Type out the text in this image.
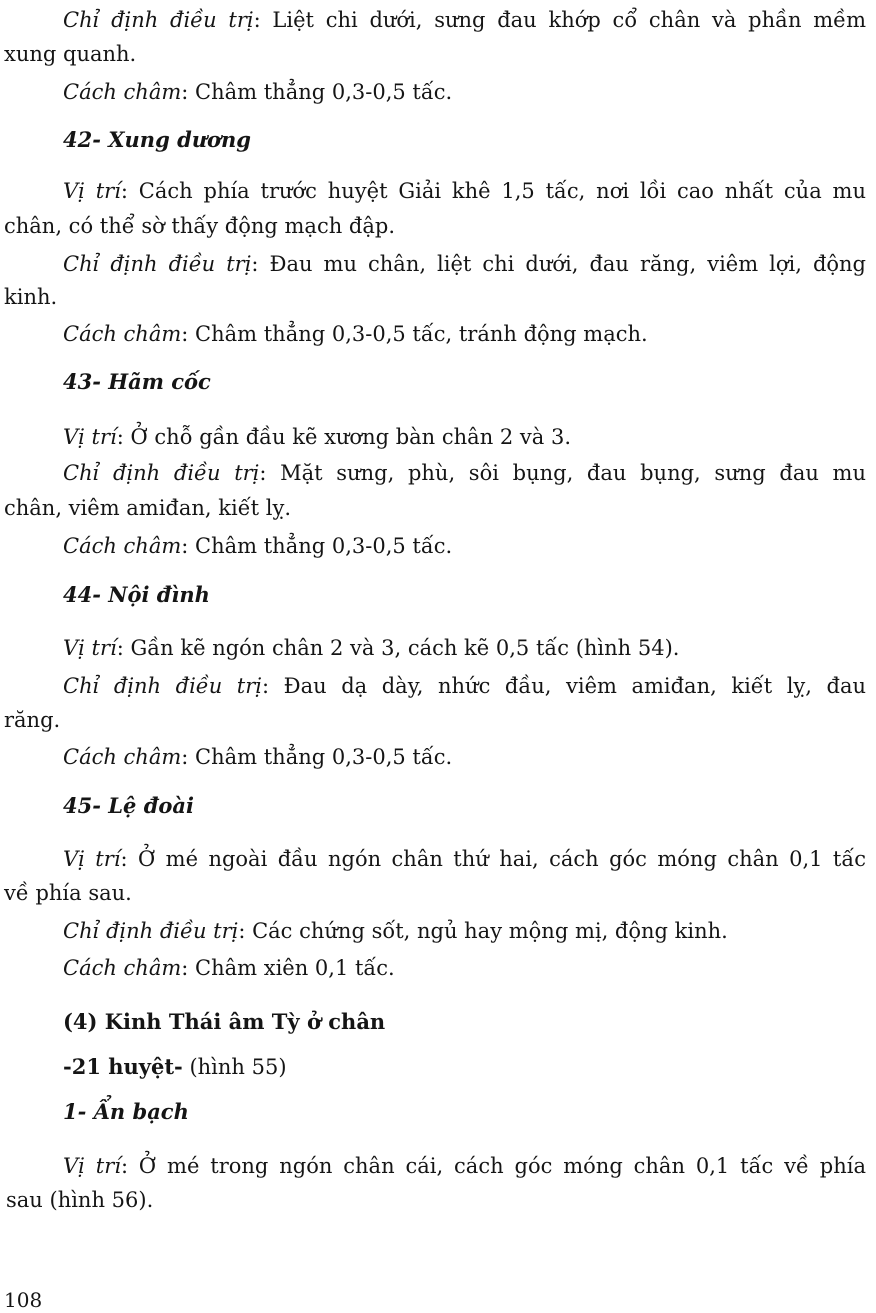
Chỉ định điều trị: Liệt chi dưới, sưng đau khớp cổ chân và phần mềm
xung quanh.
Cách châm: Châm thẳng 0,3-0,5 tấc.
42- Xung dương
Vị trí: Cách phía trước huyệt Giải khê 1,5 tấc, nơi lồi cao nhất của mu
chân, có thể sờ thấy động mạch đập.
Chỉ định điều trị: Đau mu chân, liệt chi dưới, đau răng, viêm lợi, động
kinh.
Cách châm: Châm thẳng 0,3-0,5 tấc, tránh động mạch.
43- Hãm cốc
Vị trí: Ở chỗ gần đầu kẽ xương bàn chân 2 và 3.
Chỉ định điều trị: Mặt sưng, phù, sôi bụng, đau bụng, sưng đau mu
chân, viêm amiđan, kiết lỵ.
Cách châm: Châm thẳng 0,3-0,5 tấc.
44- Nội đình
Vị trí: Gần kẽ ngón chân 2 và 3, cách kẽ 0,5 tấc (hình 54).
Chỉ định điều trị: Đau dạ dày, nhức đầu, viêm amiđan, kiết lỵ, đau
răng.
Cách châm: Châm thẳng 0,3-0,5 tấc.
45- Lệ đoài
Vị trí: Ở mé ngoài đầu ngón chân thứ hai, cách góc móng chân 0,1 tấc
về phía sau.
Chỉ định điều trị: Các chứng sốt, ngủ hay mộng mị, động kinh.
Cách châm: Châm xiên 0,1 tấc.
(4) Kinh Thái âm Tỳ ở chân
-21 huyệt- (hình 55)
1- Ẩn bạch
Vị trí: Ở mé trong ngón chân cái, cách góc móng chân 0,1 tấc về phía
sau (hình 56).
108
